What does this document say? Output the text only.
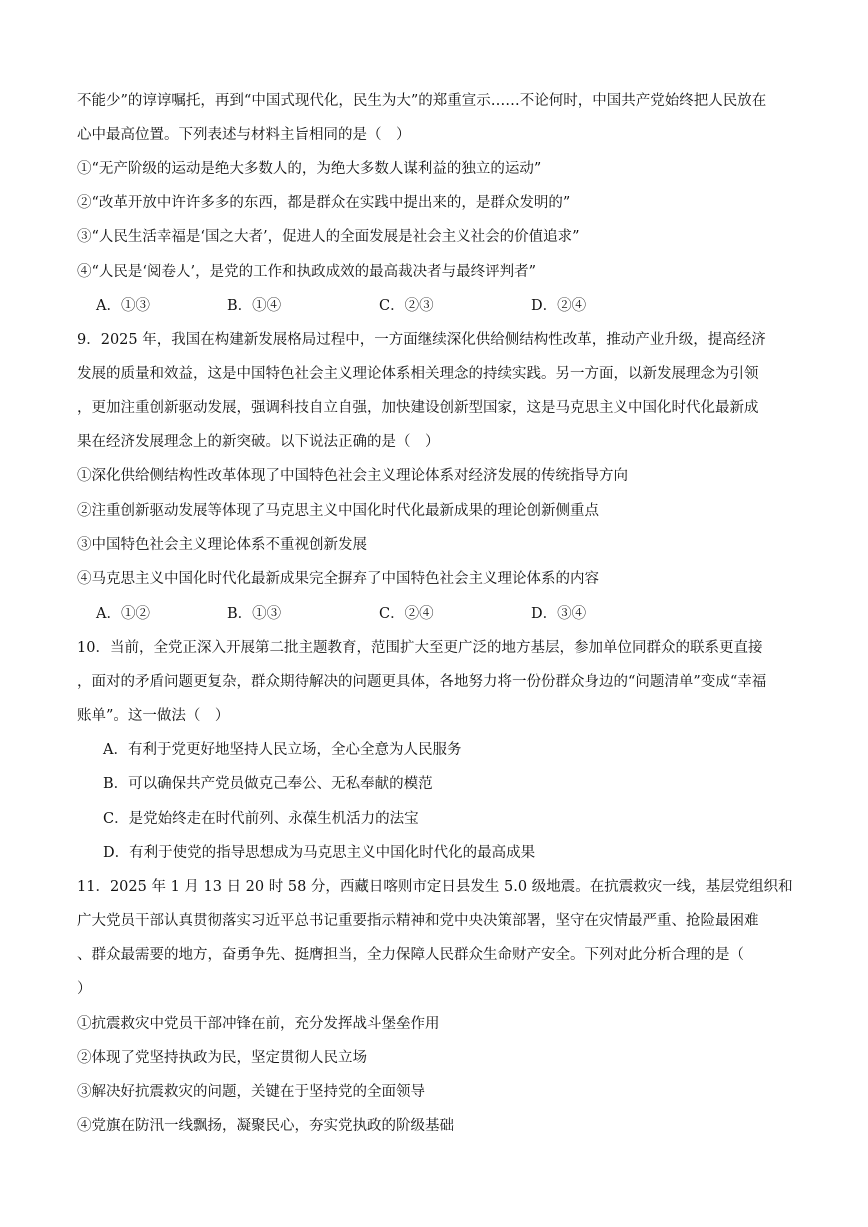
不能少”的谆谆嘱托，再到“中国式现代化，民生为大”的郑重宣示……不论何时，中国共产党始终把人民放在
心中最高位置。下列表述与材料主旨相同的是（　）
①“无产阶级的运动是绝大多数人的，为绝大多数人谋利益的独立的运动”
②“改革开放中许许多多的东西，都是群众在实践中提出来的，是群众发明的”
③“人民生活幸福是‘国之大者’，促进人的全面发展是社会主义社会的价值追求”
④“人民是‘阅卷人’，是党的工作和执政成效的最高裁决者与最终评判者”
A．①③	B．①④	C．②③	D．②④
9．2025 年，我国在构建新发展格局过程中，一方面继续深化供给侧结构性改革，推动产业升级，提高经济
发展的质量和效益，这是中国特色社会主义理论体系相关理念的持续实践。另一方面，以新发展理念为引领
，更加注重创新驱动发展，强调科技自立自强，加快建设创新型国家，这是马克思主义中国化时代化最新成
果在经济发展理念上的新突破。以下说法正确的是（　）
①深化供给侧结构性改革体现了中国特色社会主义理论体系对经济发展的传统指导方向
②注重创新驱动发展等体现了马克思主义中国化时代化最新成果的理论创新侧重点
③中国特色社会主义理论体系不重视创新发展
④马克思主义中国化时代化最新成果完全摒弃了中国特色社会主义理论体系的内容
A．①②	B．①③	C．②④	D．③④
10．当前，全党正深入开展第二批主题教育，范围扩大至更广泛的地方基层，参加单位同群众的联系更直接
，面对的矛盾问题更复杂，群众期待解决的问题更具体，各地努力将一份份群众身边的“问题清单”变成“幸福
账单”。这一做法（　）
A．有利于党更好地坚持人民立场，全心全意为人民服务
B．可以确保共产党员做克己奉公、无私奉献的模范
C．是党始终走在时代前列、永葆生机活力的法宝
D．有利于使党的指导思想成为马克思主义中国化时代化的最高成果
11．2025 年 1 月 13 日 20 时 58 分，西藏日喀则市定日县发生 5.0 级地震。在抗震救灾一线，基层党组织和
广大党员干部认真贯彻落实习近平总书记重要指示精神和党中央决策部署，坚守在灾情最严重、抢险最困难
、群众最需要的地方，奋勇争先、挺膺担当，全力保障人民群众生命财产安全。下列对此分析合理的是（
）
①抗震救灾中党员干部冲锋在前，充分发挥战斗堡垒作用
②体现了党坚持执政为民，坚定贯彻人民立场
③解决好抗震救灾的问题，关键在于坚持党的全面领导
④党旗在防汛一线飘扬，凝聚民心，夯实党执政的阶级基础
